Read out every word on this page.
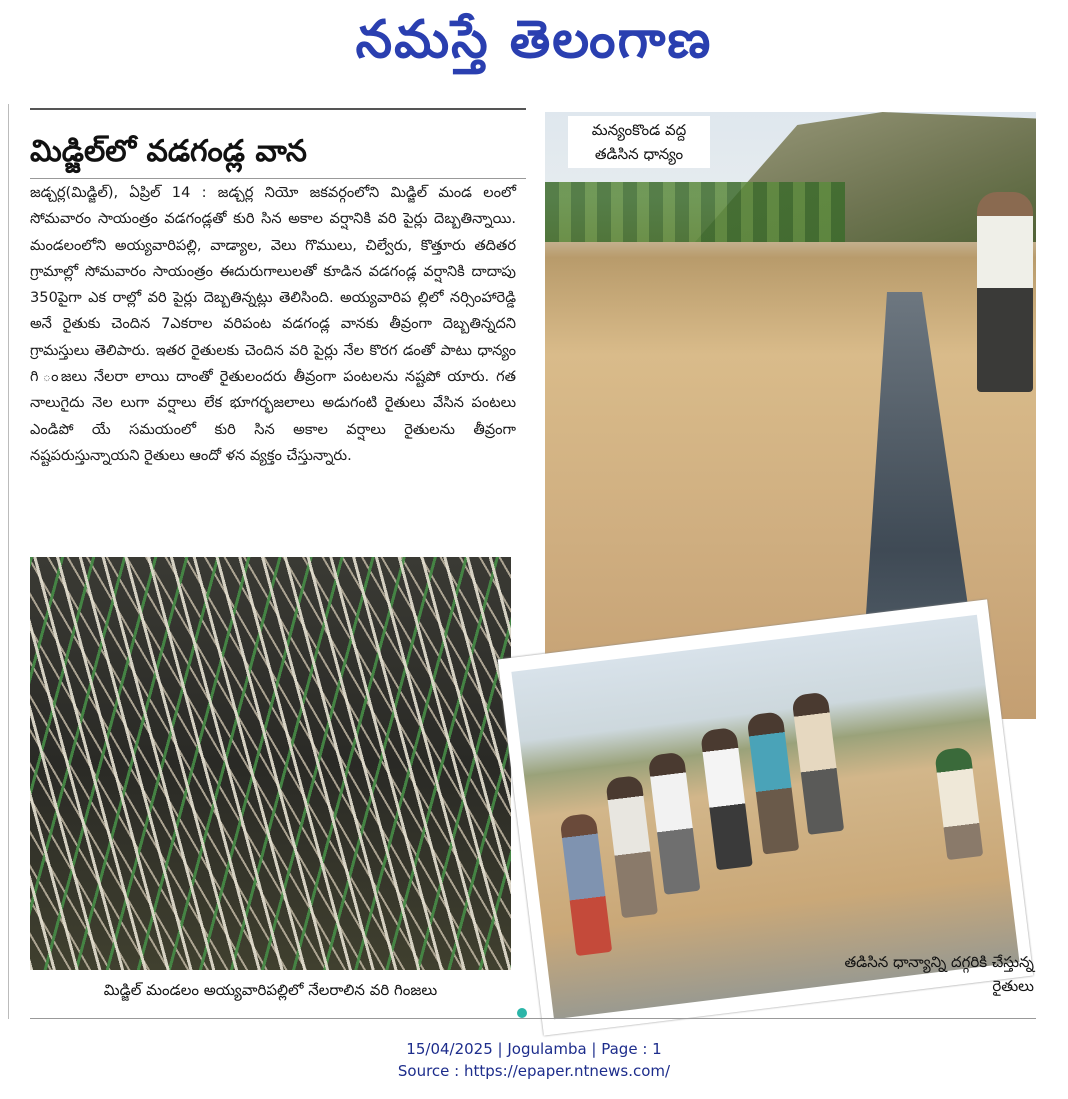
నమస్తే తెలంగాణ
మిడ్జిల్‌లో వడగండ్ల వాన
జడ్చర్ల(మిడ్జిల్), ఏప్రిల్ 14 : జడ్చర్ల నియో జకవర్గంలోని మిడ్జిల్ మండ లంలో సోమవారం సాయంత్రం వడగండ్లతో కురి సిన అకాల వర్షానికి వరి పైర్లు దెబ్బతిన్నాయి. మండలంలోని అయ్యవారిపల్లి, వాడ్యాల, వెలు గొములు, చిల్వేరు, కొత్తూరు తదితర గ్రామాల్లో సోమవారం సాయంత్రం ఈదురుగాలులతో కూడిన వడగండ్ల వర్షానికి దాదాపు 350పైగా ఎక రాల్లో వరి పైర్లు దెబ్బతిన్నట్లు తెలిసింది. అయ్యవారిప ల్లిలో నర్సింహారెడ్డి అనే రైతుకు చెందిన 7ఎకరాల వరిపంట వడగండ్ల వానకు తీవ్రంగా దెబ్బతిన్నదని గ్రామస్తులు తెలిపారు. ఇతర రైతులకు చెందిన వరి పైర్లు నేల కొరగ డంతో పాటు ధాన్యం గి ంజలు నేలరా లాయి దాంతో రైతులందరు తీవ్రంగా పంటలను నష్టపో యారు. గత నాలుగైదు నెల లుగా వర్షాలు లేక భూగర్భజలాలు అడుగంటి రైతులు వేసిన పంటలు ఎండిపో యే సమయంలో కురి సిన అకాల వర్షాలు రైతులను తీవ్రంగా నష్టపరుస్తున్నాయని రైతులు ఆందో ళన వ్యక్తం చేస్తున్నారు.
మన్యంకొండ వద్ద తడిసిన ధాన్యం
మిడ్జిల్ మండలం అయ్యవారిపల్లిలో నేలరాలిన వరి గింజలు
తడిసిన ధాన్యాన్ని దగ్గరికి చేస్తున్న రైతులు
15/04/2025 | Jogulamba | Page : 1
Source : https://epaper.ntnews.com/
